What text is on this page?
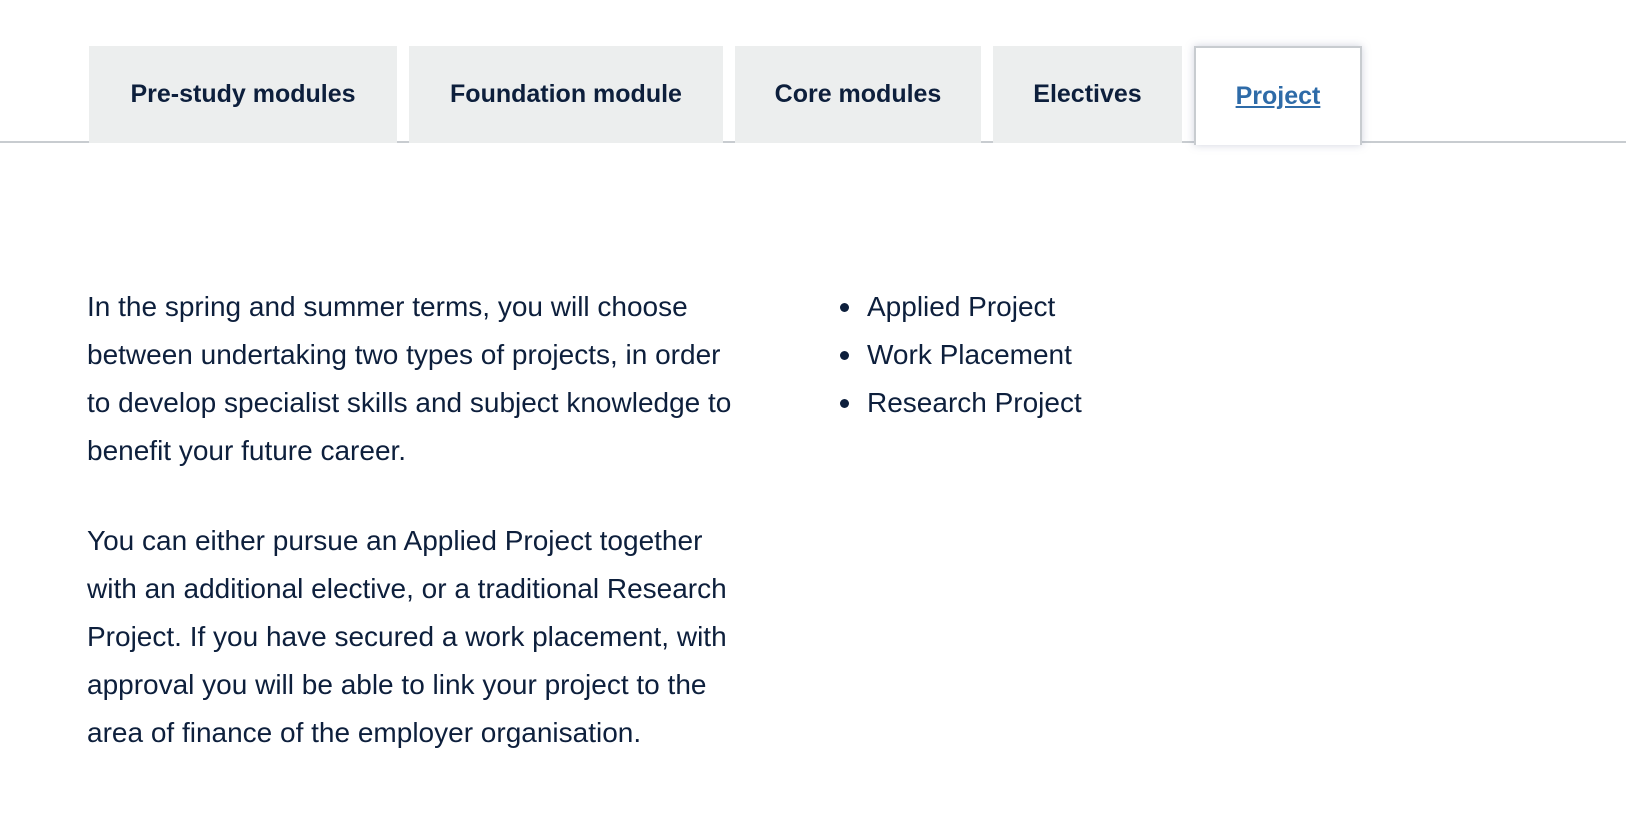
Pre-study modules	Foundation module	Core modules	Electives	Project

In the spring and summer terms, you will choose between undertaking two types of projects, in order to develop specialist skills and subject knowledge to benefit your future career.

You can either pursue an Applied Project together with an additional elective, or a traditional Research Project. If you have secured a work placement, with approval you will be able to link your project to the area of finance of the employer organisation.

Applied Project
Work Placement
Research Project
